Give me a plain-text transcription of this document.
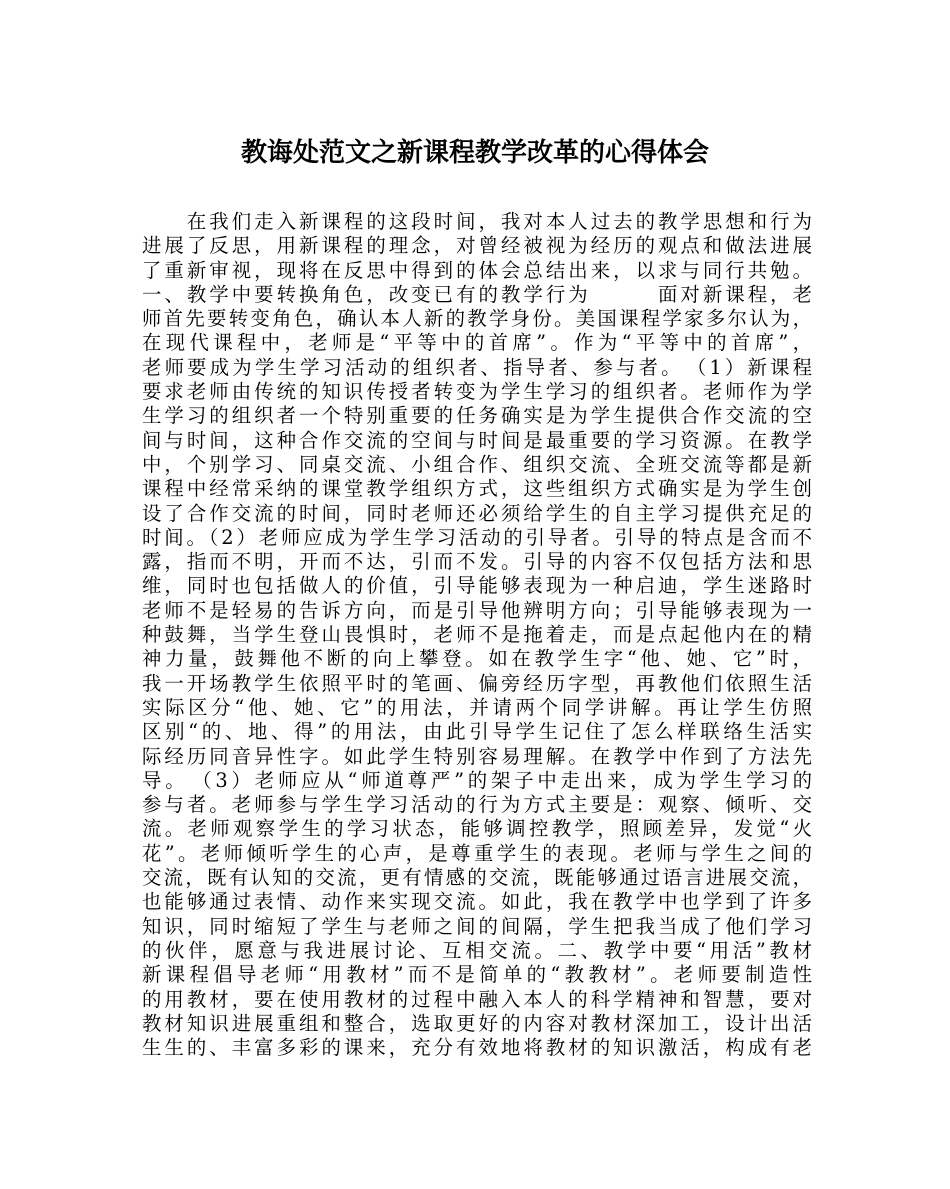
教诲处范文之新课程教学改革的心得体会
　　在我们走入新课程的这段时间，我对本人过去的教学思想和行为
进展了反思，用新课程的理念，对曾经被视为经历的观点和做法进展
了重新审视，现将在反思中得到的体会总结出来，以求与同行共勉。
一、教学中要转换角色，改变已有的教学行为　　　面对新课程，老
师首先要转变角色，确认本人新的教学身份。美国课程学家多尔认为，
在现代课程中，老师是“平等中的首席”。作为“平等中的首席”，
老师要成为学生学习活动的组织者、指导者、参与者。　（1）新课程
要求老师由传统的知识传授者转变为学生学习的组织者。老师作为学
生学习的组织者一个特别重要的任务确实是为学生提供合作交流的空
间与时间，这种合作交流的空间与时间是最重要的学习资源。在教学
中，个别学习、同桌交流、小组合作、组织交流、全班交流等都是新
课程中经常采纳的课堂教学组织方式，这些组织方式确实是为学生创
设了合作交流的时间，同时老师还必须给学生的自主学习提供充足的
时间。（2）老师应成为学生学习活动的引导者。引导的特点是含而不
露，指而不明，开而不达，引而不发。引导的内容不仅包括方法和思
维，同时也包括做人的价值，引导能够表现为一种启迪，学生迷路时
老师不是轻易的告诉方向，而是引导他辨明方向；引导能够表现为一
种鼓舞，当学生登山畏惧时，老师不是拖着走，而是点起他内在的精
神力量，鼓舞他不断的向上攀登。如在教学生字“他、她、它”时，
我一开场教学生依照平时的笔画、偏旁经历字型，再教他们依照生活
实际区分“他、她、它”的用法，并请两个同学讲解。再让学生仿照
区别“的、地、得”的用法，由此引导学生记住了怎么样联络生活实
际经历同音异性字。如此学生特别容易理解。在教学中作到了方法先
导。　（3）老师应从“师道尊严”的架子中走出来，成为学生学习的
参与者。老师参与学生学习活动的行为方式主要是：观察、倾听、交
流。老师观察学生的学习状态，能够调控教学，照顾差异，发觉“火
花”。老师倾听学生的心声，是尊重学生的表现。老师与学生之间的
交流，既有认知的交流，更有情感的交流，既能够通过语言进展交流，
也能够通过表情、动作来实现交流。如此，我在教学中也学到了许多
知识，同时缩短了学生与老师之间的间隔，学生把我当成了他们学习
的伙伴，愿意与我进展讨论、互相交流。二、教学中要“用活”教材
新课程倡导老师“用教材”而不是简单的“教教材”。老师要制造性
的用教材，要在使用教材的过程中融入本人的科学精神和智慧，要对
教材知识进展重组和整合，选取更好的内容对教材深加工，设计出活
生生的、丰富多彩的课来，充分有效地将教材的知识激活，构成有老
